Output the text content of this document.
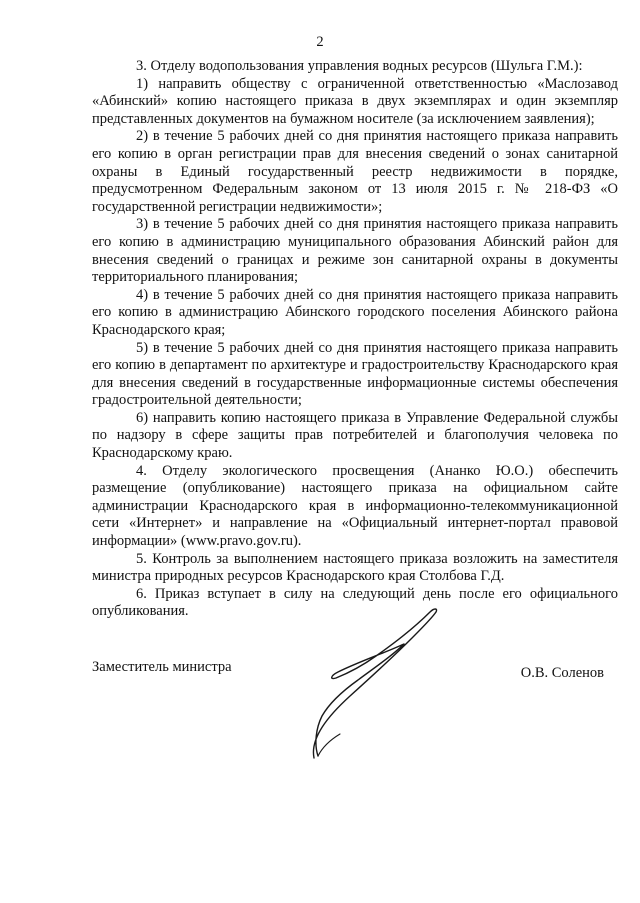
2

3. Отделу водопользования управления водных ресурсов (Шульга Г.М.):

1) направить обществу с ограниченной ответственностью «Маслозавод «Абинский» копию настоящего приказа в двух экземплярах и один экземпляр представленных документов на бумажном носителе (за исключением заявления);

2) в течение 5 рабочих дней со дня принятия настоящего приказа направить его копию в орган регистрации прав для внесения сведений о зонах санитарной охраны в Единый государственный реестр недвижимости в порядке, предусмотренном Федеральным законом от 13 июля 2015 г. № 218-ФЗ «О государственной регистрации недвижимости»;

3) в течение 5 рабочих дней со дня принятия настоящего приказа направить его копию в администрацию муниципального образования Абинский район для внесения сведений о границах и режиме зон санитарной охраны в документы территориального планирования;

4) в течение 5 рабочих дней со дня принятия настоящего приказа направить его копию в администрацию Абинского городского поселения Абинского района Краснодарского края;

5) в течение 5 рабочих дней со дня принятия настоящего приказа направить его копию в департамент по архитектуре и градостроительству Краснодарского края для внесения сведений в государственные информационные системы обеспечения градостроительной деятельности;

6) направить копию настоящего приказа в Управление Федеральной службы по надзору в сфере защиты прав потребителей и благополучия человека по Краснодарскому краю.

4. Отделу экологического просвещения (Ананко Ю.О.) обеспечить размещение (опубликование) настоящего приказа на официальном сайте администрации Краснодарского края в информационно-телекоммуникационной сети «Интернет» и направление на «Официальный интернет-портал правовой информации» (www.pravo.gov.ru).

5. Контроль за выполнением настоящего приказа возложить на заместителя министра природных ресурсов Краснодарского края Столбова Г.Д.

6. Приказ вступает в силу на следующий день после его официального опубликования.

Заместитель министра	О.В. Соленов
